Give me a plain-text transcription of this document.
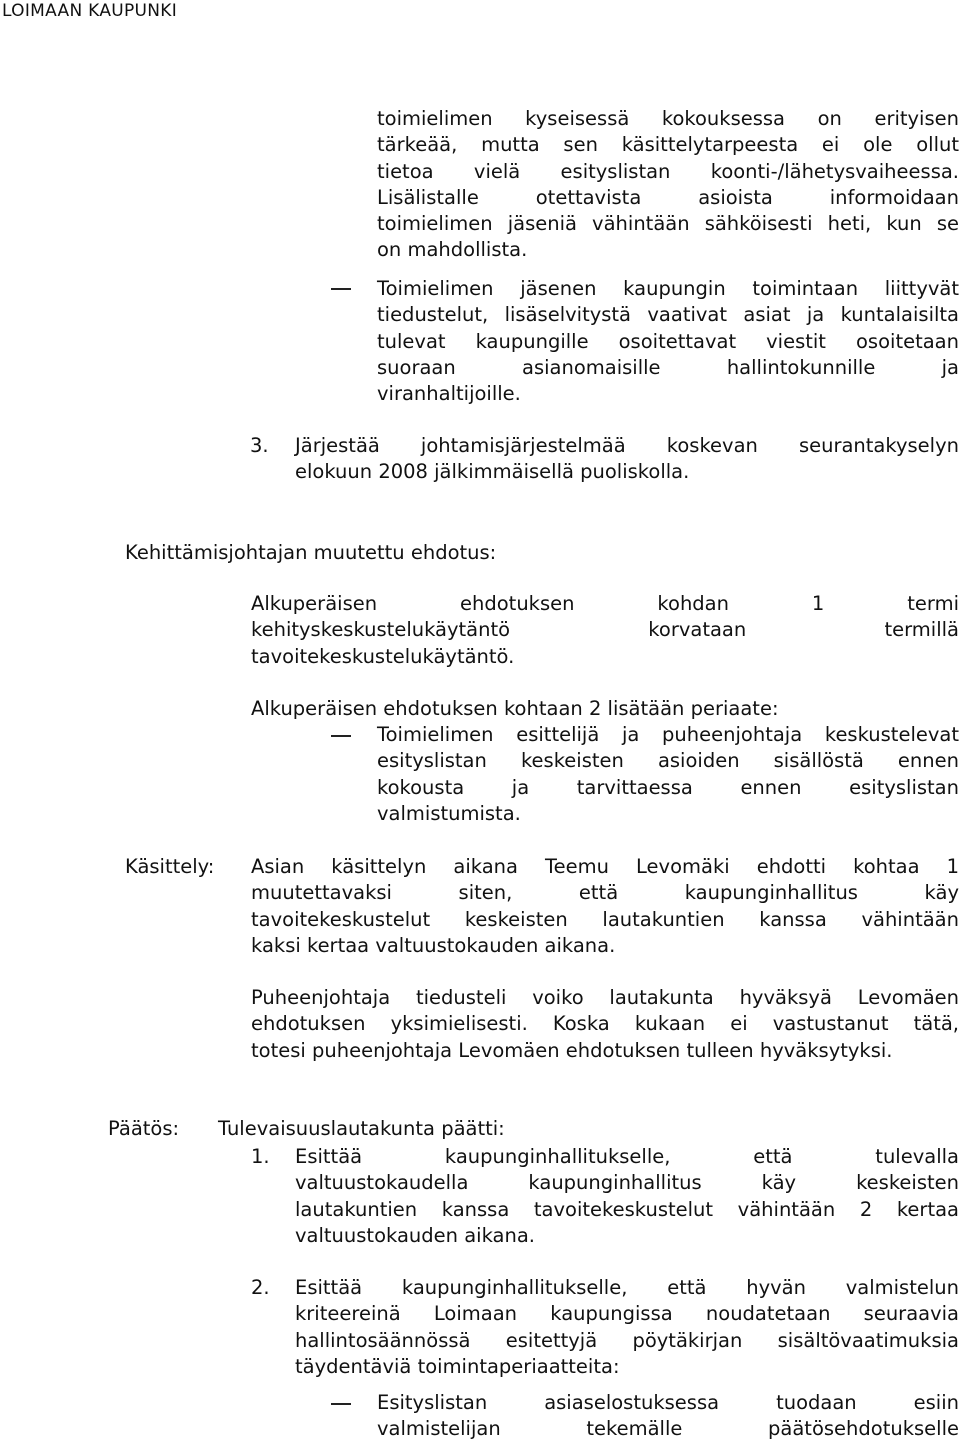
LOIMAAN KAUPUNKI
toimielimen kyseisessä kokouksessa on erityisen
tärkeää, mutta sen käsittelytarpeesta ei ole ollut
tietoa vielä esityslistan koonti-/lähetysvaiheessa.
Lisälistalle otettavista asioista informoidaan
toimielimen jäseniä vähintään sähköisesti heti, kun se
on mahdollista.
Toimielimen jäsenen kaupungin toimintaan liittyvät
tiedustelut, lisäselvitystä vaativat asiat ja kuntalaisilta
tulevat kaupungille osoitettavat viestit osoitetaan
suoraan asianomaisille hallintokunnille ja
viranhaltijoille.
3. Järjestää johtamisjärjestelmää koskevan seurantakyselyn
elokuun 2008 jälkimmäisellä puoliskolla.
Kehittämisjohtajan muutettu ehdotus:
Alkuperäisen ehdotuksen kohdan 1 termi
kehityskeskustelukäytäntö korvataan termillä
tavoitekeskustelukäytäntö.
Alkuperäisen ehdotuksen kohtaan 2 lisätään periaate:
Toimielimen esittelijä ja puheenjohtaja keskustelevat
esityslistan keskeisten asioiden sisällöstä ennen
kokousta ja tarvittaessa ennen esityslistan
valmistumista.
Käsittely: Asian käsittelyn aikana Teemu Levomäki ehdotti kohtaa 1
muutettavaksi siten, että kaupunginhallitus käy
tavoitekeskustelut keskeisten lautakuntien kanssa vähintään
kaksi kertaa valtuustokauden aikana.
Puheenjohtaja tiedusteli voiko lautakunta hyväksyä Levomäen
ehdotuksen yksimielisesti. Koska kukaan ei vastustanut tätä,
totesi puheenjohtaja Levomäen ehdotuksen tulleen hyväksytyksi.
Päätös: Tulevaisuuslautakunta päätti:
1. Esittää kaupunginhallitukselle, että tulevalla
valtuustokaudella kaupunginhallitus käy keskeisten
lautakuntien kanssa tavoitekeskustelut vähintään 2 kertaa
valtuustokauden aikana.
2. Esittää kaupunginhallitukselle, että hyvän valmistelun
kriteereinä Loimaan kaupungissa noudatetaan seuraavia
hallintosäännössä esitettyjä pöytäkirjan sisältövaatimuksia
täydentäviä toimintaperiaatteita:
Esityslistan asiaselostuksessa tuodaan esiin
valmistelijan tekemälle päätösehdotukselle
